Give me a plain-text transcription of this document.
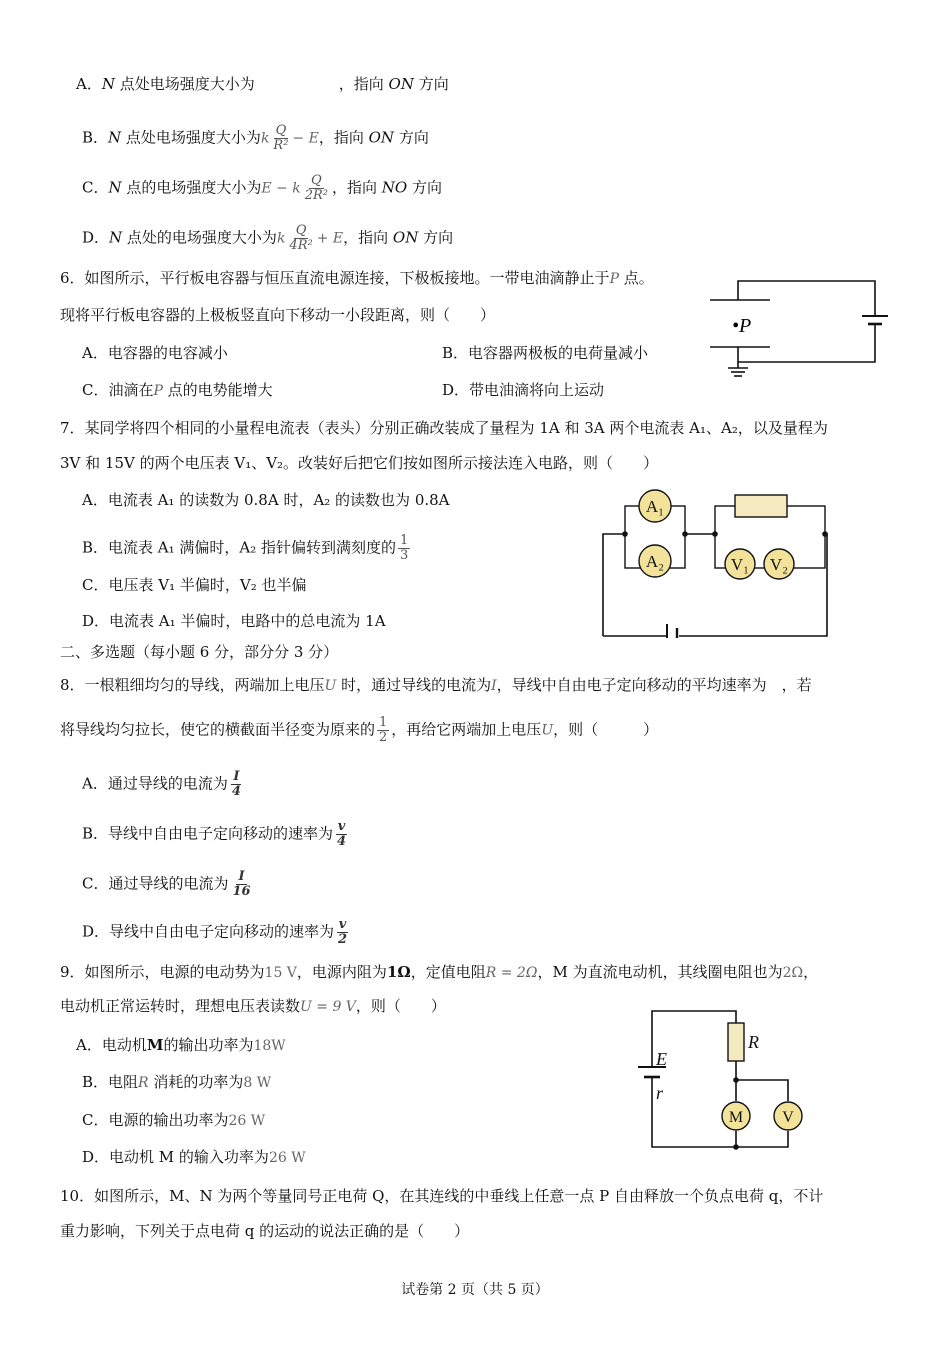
A．N 点处电场强度大小为	，指向 ON 方向
B．N 点处电场强度大小为k $\frac{Q}{\text{R²}} - E$，指向 ON 方向
C．N 点的电场强度大小为E − k $\frac{Q}{\text{2R²}}$ ，指向 NO 方向
D．N 点处的电场强度大小为k $\frac{Q}{\text{4R²}} + E$，指向 ON 方向
6．如图所示，平行板电容器与恒压直流电源连接，下极板接地。一带电油滴静止于P 点。
现将平行板电容器的上极板竖直向下移动一小段距离，则（　　）
A．电容器的电容减小	B．电容器两极板的电荷量减小
C．油滴在P 点的电势能增大	D．带电油滴将向上运动
•P
7．某同学将四个相同的小量程电流表（表头）分别正确改装成了量程为 1A 和 3A 两个电流表 A₁、A₂，以及量程为
3V 和 15V 的两个电压表 V₁、V₂。改装好后把它们按如图所示接法连入电路，则（　　）
A．电流表 A₁ 的读数为 0.8A 时，A₂ 的读数也为 0.8A
B．电流表 A₁ 满偏时，A₂ 指针偏转到满刻度的 $\frac{1}{3}$
C．电压表 V₁ 半偏时，V₂ 也半偏
D．电流表 A₁ 半偏时，电路中的总电流为 1A
A₁
A₂	V₁ V₂
二、多选题（每小题 6 分，部分分 3 分）
8．一根粗细均匀的导线，两端加上电压U 时，通过导线的电流为I，导线中自由电子定向移动的平均速率为　，若
将导线均匀拉长，使它的横截面半径变为原来的 $\frac{1}{2}$ ，再给它两端加上电压U，则（　　　）
A．通过导线的电流为 $\frac{I}{4}$
B．导线中自由电子定向移动的速率为 $\frac{v}{4}$
C．通过导线的电流为 $\frac{I}{16}$
D．导线中自由电子定向移动的速率为 $\frac{v}{2}$
9．如图所示，电源的电动势为15 V，电源内阻为1Ω，定值电阻R = 2Ω，M 为直流电动机，其线圈电阻也为2Ω，
电动机正常运转时，理想电压表读数U = 9 V，则（　　）
A．电动机M的输出功率为18W
B．电阻R 消耗的功率为8 W
C．电源的输出功率为26 W
D．电动机 M 的输入功率为26 W
E
r
R
M V
10．如图所示，M、N 为两个等量同号正电荷 Q，在其连线的中垂线上任意一点 P 自由释放一个负点电荷 q，不计
重力影响，下列关于点电荷 q 的运动的说法正确的是（　　）
试卷第 2 页（共 5 页）
